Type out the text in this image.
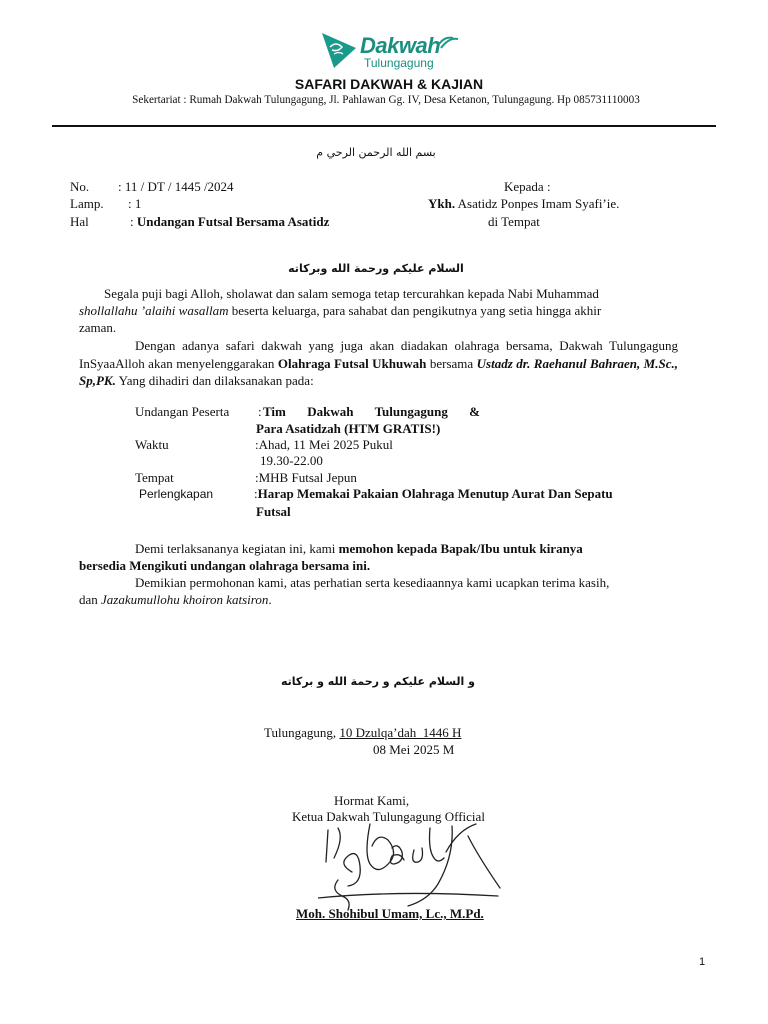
Dakwah
Tulungagung
SAFARI DAKWAH & KAJIAN
Sekertariat : Rumah Dakwah Tulungagung, Jl. Pahlawan Gg. IV, Desa Ketanon, Tulungagung. Hp 085731110003
بسم الله الرحمن الرحي م
No. : 11 / DT / 1445 /2024
Lamp. : 1
Hal	: Undangan Futsal Bersama Asatidz
Kepada :
Ykh. Asatidz Ponpes Imam Syafi’ie.
di Tempat
السلام عليكم ورحمة الله وبركاته
Segala puji bagi Alloh, sholawat dan salam semoga tetap tercurahkan kepada Nabi Muhammad
shollallahu ’alaihi wasallam beserta keluarga, para sahabat dan pengikutnya yang setia hingga akhir
zaman.

Dengan adanya safari dakwah yang juga akan diadakan olahraga bersama, Dakwah Tulungagung InSyaaAlloh akan menyelenggarakan Olahraga Futsal Ukhuwah bersama Ustadz dr. Raehanul Bahraen, M.Sc., Sp,PK. Yang dihadiri dan dilaksanakan pada:

Undangan Peserta : Tim Dakwah Tulungagung &
Para Asatidzah (HTM GRATIS!)
Waktu	:Ahad, 11 Mei 2025 Pukul
19.30-22.00
Tempat	:MHB Futsal Jepun
Perlengkapan	:Harap Memakai Pakaian Olahraga Menutup Aurat Dan Sepatu
Futsal
Demi terlaksananya kegiatan ini, kami memohon kepada Bapak/Ibu untuk kiranya
bersedia Mengikuti undangan olahraga bersama ini.
Demikian permohonan kami, atas perhatian serta kesediaannya kami ucapkan terima kasih,
dan Jazakumullohu khoiron katsiron.
و السلام عليكم و رحمة الله و بركاته
Tulungagung, 10 Dzulqa’dah  1446 H
08 Mei 2025 M
Hormat Kami,
Ketua Dakwah Tulungagung Official
Moh. Shohibul Umam, Lc., M.Pd.
1
